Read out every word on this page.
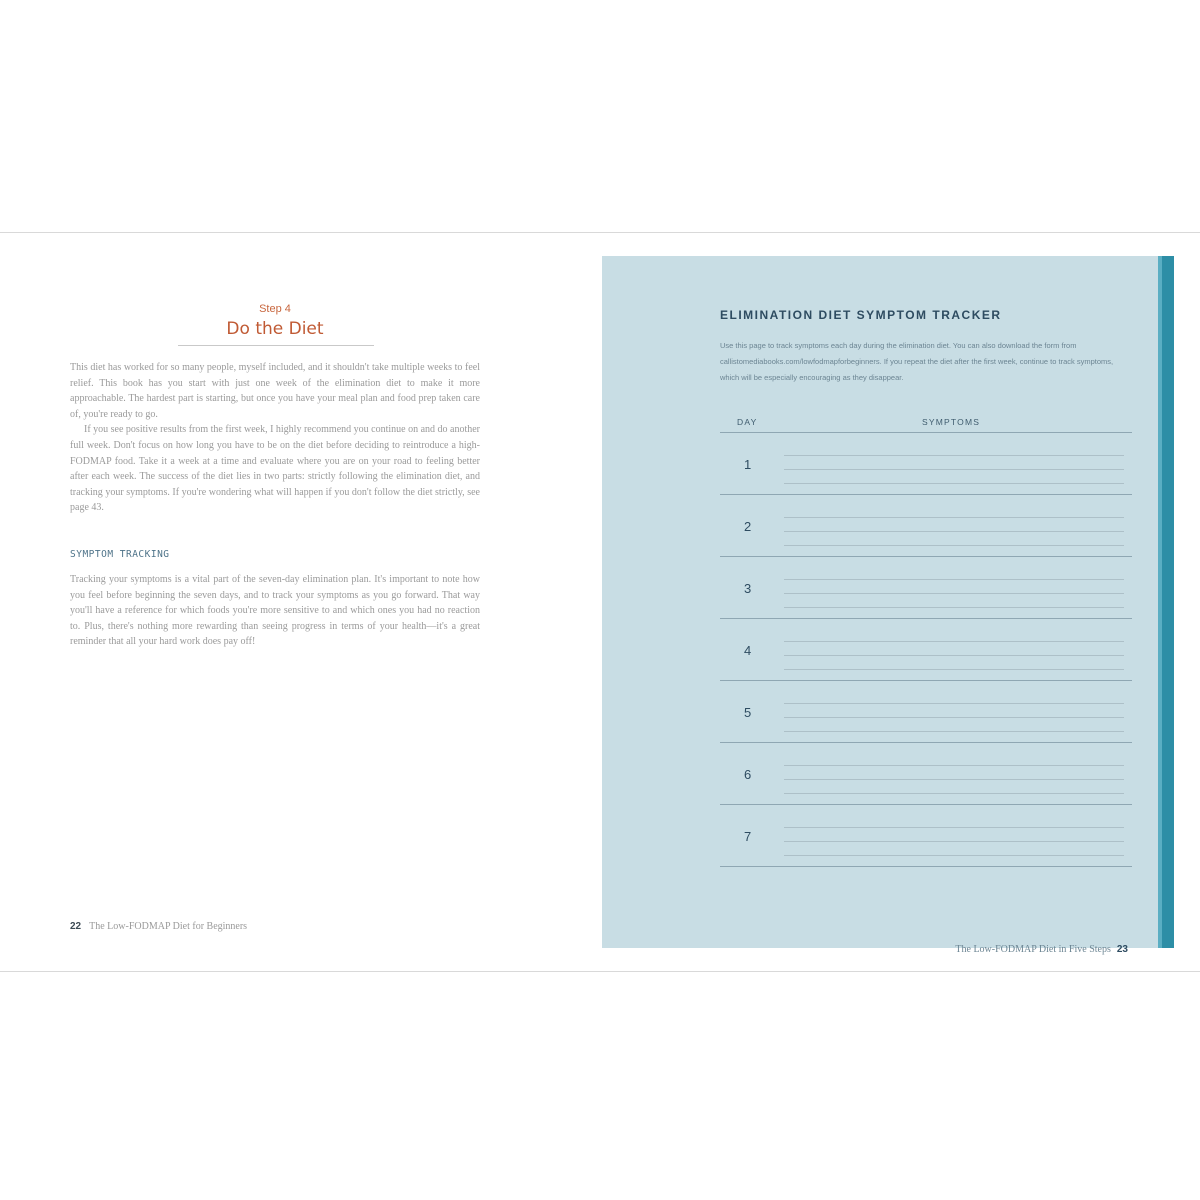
Step 4
Do the Diet

This diet has worked for so many people, myself included, and it shouldn't take multiple weeks to feel relief. This book has you start with just one week of the elimination diet to make it more approachable. The hardest part is starting, but once you have your meal plan and food prep taken care of, you're ready to go.

If you see positive results from the first week, I highly recommend you continue on and do another full week. Don't focus on how long you have to be on the diet before deciding to reintroduce a high-FODMAP food. Take it a week at a time and evaluate where you are on your road to feeling better after each week. The success of the diet lies in two parts: strictly following the elimination diet, and tracking your symptoms. If you're wondering what will happen if you don't follow the diet strictly, see page 43.

SYMPTOM TRACKING

Tracking your symptoms is a vital part of the seven-day elimination plan. It's important to note how you feel before beginning the seven days, and to track your symptoms as you go forward. That way you'll have a reference for which foods you're more sensitive to and which ones you had no reaction to. Plus, there's nothing more rewarding than seeing progress in terms of your health—it's a great reminder that all your hard work does pay off!

22 The Low-FODMAP Diet for Beginners
ELIMINATION DIET SYMPTOM TRACKER
Use this page to track symptoms each day during the elimination diet. You can also download the form from callistomediabooks.com/lowfodmapforbeginners. If you repeat the diet after the first week, continue to track symptoms, which will be especially encouraging as they disappear.
DAY	SYMPTOMS
1
2
3
4
5
6
7
The Low-FODMAP Diet in Five Steps 23
